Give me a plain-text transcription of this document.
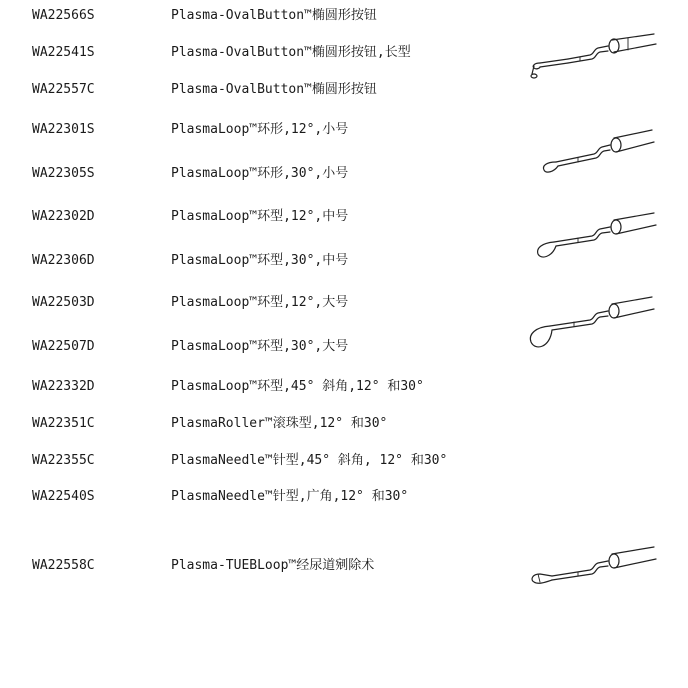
WA22566S	Plasma-OvalButton™椭圆形按钮
WA22541S	Plasma-OvalButton™椭圆形按钮,长型
WA22557C	Plasma-OvalButton™椭圆形按钮
WA22301S	PlasmaLoop™环形,12°,小号
WA22305S	PlasmaLoop™环形,30°,小号
WA22302D	PlasmaLoop™环型,12°,中号
WA22306D	PlasmaLoop™环型,30°,中号
WA22503D	PlasmaLoop™环型,12°,大号
WA22507D	PlasmaLoop™环型,30°,大号
WA22332D	PlasmaLoop™环型,45° 斜角,12° 和30°
WA22351C	PlasmaRoller™滚珠型,12° 和30°
WA22355C	PlasmaNeedle™针型,45° 斜角, 12° 和30°
WA22540S	PlasmaNeedle™针型,广角,12° 和30°
WA22558C	Plasma-TUEBLoop™经尿道剜除术
